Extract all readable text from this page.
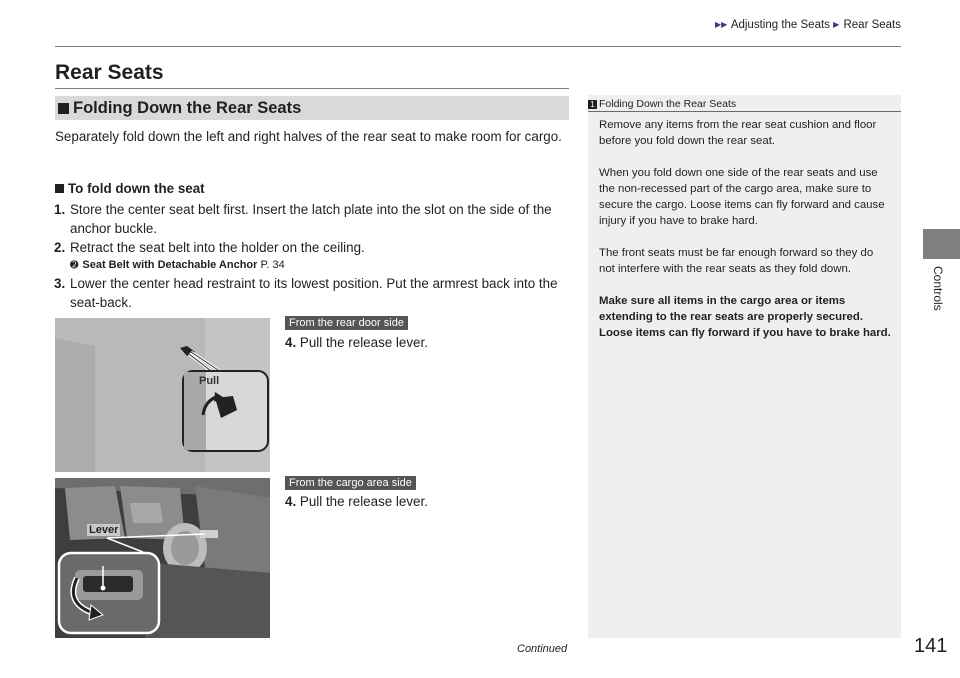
▶▶ Adjusting the Seats ▶ Rear Seats
Controls
Rear Seats
Folding Down the Rear Seats

Separately fold down the left and right halves of the rear seat to make room for cargo.

To fold down the seat
1. Store the center seat belt first. Insert the latch plate into the slot on the side of the anchor buckle.
2. Retract the seat belt into the holder on the ceiling.
➋ Seat Belt with Detachable Anchor P. 34
3. Lower the center head restraint to its lowest position. Put the armrest back into the seat-back.
Pull
From the rear door side
4. Pull the release lever.
Lever
From the cargo area side
4. Pull the release lever.
1 Folding Down the Rear Seats

Remove any items from the rear seat cushion and floor before you fold down the rear seat.

When you fold down one side of the rear seats and use the non-recessed part of the cargo area, make sure to secure the cargo. Loose items can fly forward and cause injury if you have to brake hard.

The front seats must be far enough forward so they do not interfere with the rear seats as they fold down.

Make sure all items in the cargo area or items extending to the rear seats are properly secured. Loose items can fly forward if you have to brake hard.

Continued	141
